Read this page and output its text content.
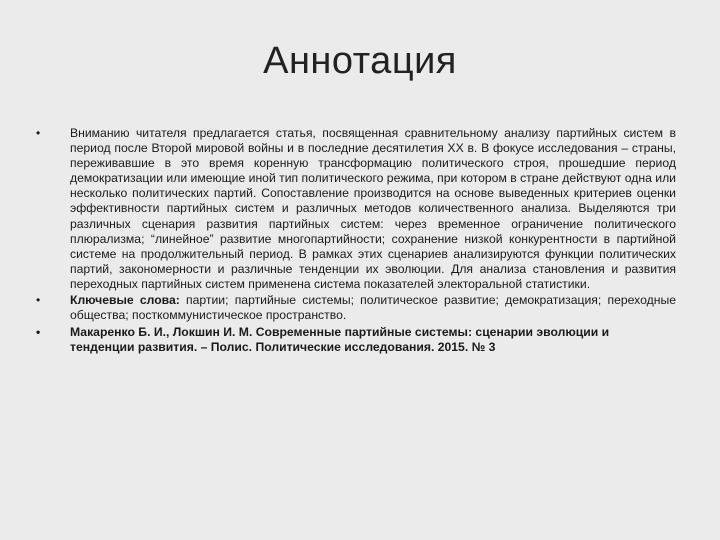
Аннотация
• Вниманию читателя предлагается статья, посвященная сравнительному анализу партийных систем в период после Второй мировой войны и в последние десятилетия XX в. В фокусе исследования – страны, переживавшие в это время коренную трансформацию политического строя, прошедшие период демократизации или имеющие иной тип политического режима, при котором в стране действуют одна или несколько политических партий. Сопоставление производится на основе выведенных критериев оценки эффективности партийных систем и различных методов количественного анализа. Выделяются три различных сценария развития партийных систем: через временное ограничение политического плюрализма; “линейное” развитие многопартийности; сохранение низкой конкурентности в партийной системе на продолжительный период. В рамках этих сценариев анализируются функции политических партий, закономерности и различные тенденции их эволюции. Для анализа становления и развития переходных партийных систем применена система показателей электоральной статистики.
• Ключевые слова: партии; партийные системы; политическое развитие; демократизация; переходные общества; посткоммунистическое пространство.
• Макаренко Б. И., Локшин И. М. Современные партийные системы: сценарии эволюции и тенденции развития. – Полис. Политические исследования. 2015. № 3
